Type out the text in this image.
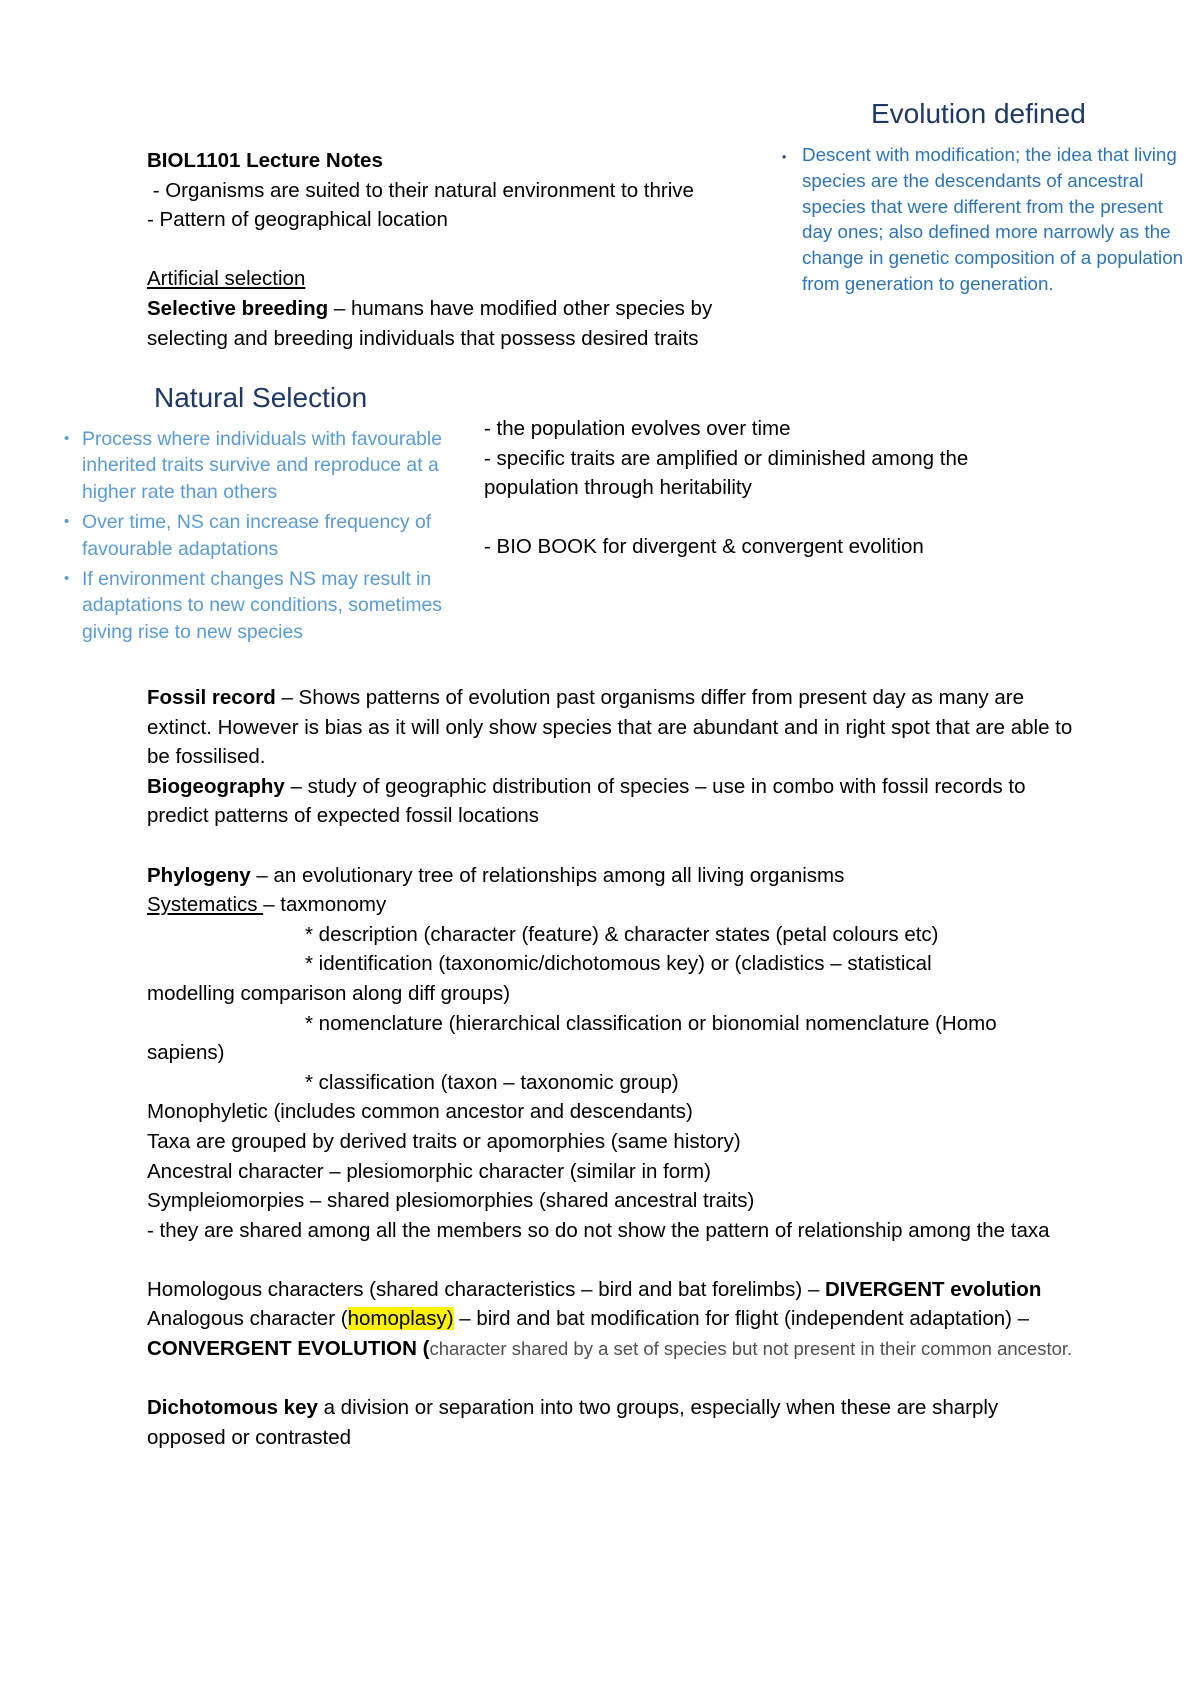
BIOL1101 Lecture Notes

- Organisms are suited to their natural environment to thrive

- Pattern of geographical location

Artificial selection

Selective breeding – humans have modified other species by

selecting and breeding individuals that possess desired traits

Evolution defined
• Descent with modification; the idea that living species are the descendants of ancestral species that were different from the present day ones; also defined more narrowly as the change in genetic composition of a population from generation to generation.
Natural Selection
• Process where individuals with favourable inherited traits survive and reproduce at a higher rate than others
• Over time, NS can increase frequency of favourable adaptations
• If environment changes NS may result in adaptations to new conditions, sometimes giving rise to new species

- the population evolves over time

- specific traits are amplified or diminished among the

population through heritability

- BIO BOOK for divergent & convergent evolition

Fossil record – Shows patterns of evolution past organisms differ from present day as many are extinct. However is bias as it will only show species that are abundant and in right spot that are able to be fossilised.

Biogeography – study of geographic distribution of species – use in combo with fossil records to predict patterns of expected fossil locations

Phylogeny – an evolutionary tree of relationships among all living organisms

Systematics – taxmonomy

* description (character (feature) & character states (petal colours etc)

* identification (taxonomic/dichotomous key) or (cladistics – statistical

modelling comparison along diff groups)

* nomenclature (hierarchical classification or bionomial nomenclature (Homo

sapiens)

* classification (taxon – taxonomic group)

Monophyletic (includes common ancestor and descendants)

Taxa are grouped by derived traits or apomorphies (same history)

Ancestral character – plesiomorphic character (similar in form)

Sympleiomorpies – shared plesiomorphies (shared ancestral traits)

- they are shared among all the members so do not show the pattern of relationship among the taxa

Homologous characters (shared characteristics – bird and bat forelimbs) – DIVERGENT evolution

Analogous character (homoplasy) – bird and bat modification for flight (independent adaptation) – CONVERGENT EVOLUTION (character shared by a set of species but not present in their common ancestor.

Dichotomous key a division or separation into two groups, especially when these are sharply opposed or contrasted
